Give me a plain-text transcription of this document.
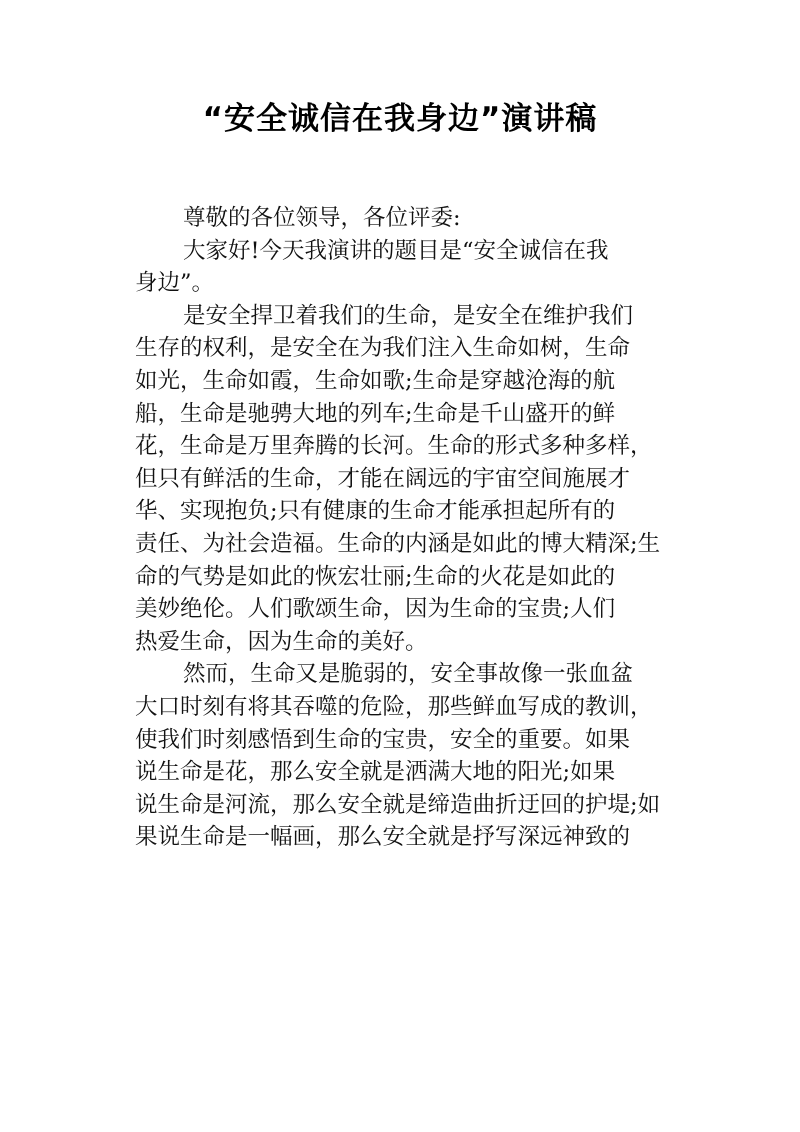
“安全诚信在我身边”演讲稿
尊敬的各位领导，各位评委:
大家好!今天我演讲的题目是“安全诚信在我
身边”。
是安全捍卫着我们的生命，是安全在维护我们
生存的权利，是安全在为我们注入生命如树，生命
如光，生命如霞，生命如歌;生命是穿越沧海的航
船，生命是驰骋大地的列车;生命是千山盛开的鲜
花，生命是万里奔腾的长河。生命的形式多种多样，
但只有鲜活的生命，才能在阔远的宇宙空间施展才
华、实现抱负;只有健康的生命才能承担起所有的
责任、为社会造福。生命的内涵是如此的博大精深;生
命的气势是如此的恢宏壮丽;生命的火花是如此的
美妙绝伦。人们歌颂生命，因为生命的宝贵;人们
热爱生命，因为生命的美好。
然而，生命又是脆弱的，安全事故像一张血盆
大口时刻有将其吞噬的危险，那些鲜血写成的教训，
使我们时刻感悟到生命的宝贵，安全的重要。如果
说生命是花，那么安全就是洒满大地的阳光;如果
说生命是河流，那么安全就是缔造曲折迂回的护堤;如
果说生命是一幅画，那么安全就是抒写深远神致的
